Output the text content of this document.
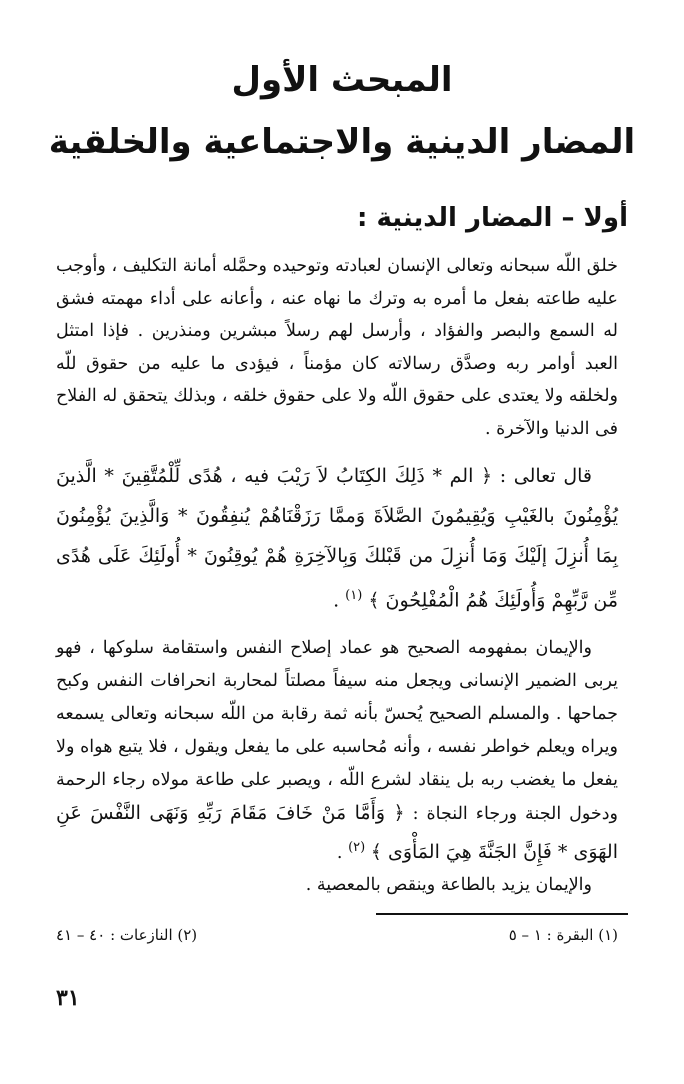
المبحث الأول
المضار الدينية والاجتماعية والخلقية
أولا – المضار الدينية :

خلق اللّه سبحانه وتعالى الإنسان لعبادته وتوحيده وحمَّله أمانة التكليف ، وأوجب عليه طاعته بفعل ما أمره به وترك ما نهاه عنه ، وأعانه على أداء مهمته فشق له السمع والبصر والفؤاد ، وأرسل لهم رسلاً مبشرين ومنذرين . فإذا امتثل العبد أوامر ربه وصدَّق رسالاته كان مؤمناً ، فيؤدى ما عليه من حقوق للّه ولخلقه ولا يعتدى على حقوق اللّه ولا على حقوق خلقه ، وبذلك يتحقق له الفلاح فى الدنيا والآخرة .

قال تعالى : ﴿ الم * ذَلِكَ الكِتَابُ لاَ رَيْبَ فيه ، هُدًى لِّلْمُتَّقِينَ * الَّذينَ يُؤْمِنُونَ بالغَيْبِ وَيُقِيمُونَ الصَّلاَةَ وَممَّا رَزَقْنَاهُمْ يُنفِقُونَ * وَالَّذِينَ يُؤْمِنُونَ بِمَا أُنزِلَ إلَيْكَ وَمَا أُنزِلَ من قَبْلكَ وَبِالآخِرَةِ هُمْ يُوقِنُونَ * أُولَئِكَ عَلَى هُدًى مِّن رَّبِّهِمْ وَأُولَئِكَ هُمُ الْمُفْلِحُونَ ﴾ $^{(١)}$ .

والإيمان بمفهومه الصحيح هو عماد إصلاح النفس واستقامة سلوكها ، فهو يربى الضمير الإنسانى ويجعل منه سيفاً مصلتاً لمحاربة انحرافات النفس وكبح جماحها . والمسلم الصحيح يُحسّ بأنه ثمة رقابة من اللّه سبحانه وتعالى يسمعه ويراه ويعلم خواطر نفسه ، وأنه مُحاسبه على ما يفعل ويقول ، فلا يتبع هواه ولا يفعل ما يغضب ربه بل ينقاد لشرع اللّه ، ويصبر على طاعة مولاه رجاء الرحمة ودخول الجنة ورجاء النجاة : ﴿ وَأَمَّا مَنْ خَافَ مَقَامَ رَبِّهِ وَنَهَى النَّفْسَ عَنِ الهَوَى * فَإِنَّ الجَنَّةَ هِيَ المَأْوَى ﴾ $^{(٢)}$ .

والإيمان يزيد بالطاعة وينقص بالمعصية .

(١) البقرة : ١ – ٥
(٢) النازعات : ٤٠ – ٤١

٣١
